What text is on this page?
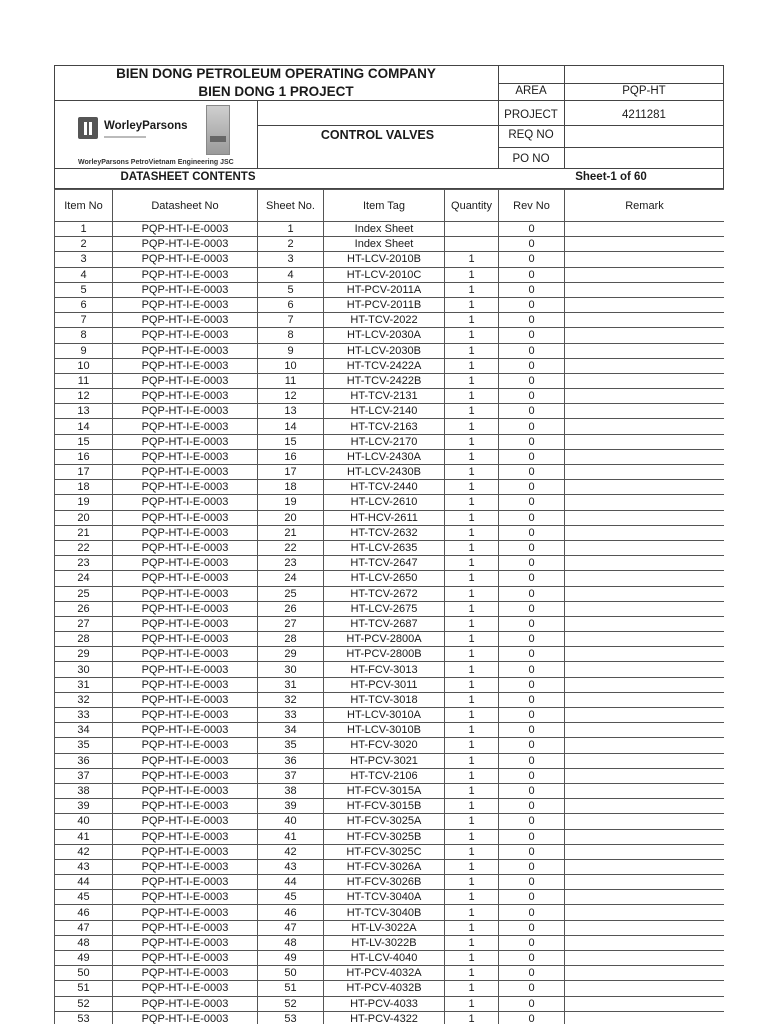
BIEN DONG PETROLEUM OPERATING COMPANY
BIEN DONG 1 PROJECT	AREA	PQP-HT
PROJECT	4211281
REQ NO
PO NO
CONTROL VALVES
WorleyParsons
WorleyParsons PetroVietnam Engineering JSC
DATASHEET CONTENTS	Sheet-1 of 60
Item No	Datasheet No	Sheet No.	Item Tag	Quantity	Rev No	Remark
1	PQP-HT-I-E-0003	1	Index Sheet		0	
2	PQP-HT-I-E-0003	2	Index Sheet		0	
3	PQP-HT-I-E-0003	3	HT-LCV-2010B	1	0	
4	PQP-HT-I-E-0003	4	HT-LCV-2010C	1	0	
5	PQP-HT-I-E-0003	5	HT-PCV-2011A	1	0	
6	PQP-HT-I-E-0003	6	HT-PCV-2011B	1	0	
7	PQP-HT-I-E-0003	7	HT-TCV-2022	1	0	
8	PQP-HT-I-E-0003	8	HT-LCV-2030A	1	0	
9	PQP-HT-I-E-0003	9	HT-LCV-2030B	1	0	
10	PQP-HT-I-E-0003	10	HT-TCV-2422A	1	0	
11	PQP-HT-I-E-0003	11	HT-TCV-2422B	1	0	
12	PQP-HT-I-E-0003	12	HT-TCV-2131	1	0	
13	PQP-HT-I-E-0003	13	HT-LCV-2140	1	0	
14	PQP-HT-I-E-0003	14	HT-TCV-2163	1	0	
15	PQP-HT-I-E-0003	15	HT-LCV-2170	1	0	
16	PQP-HT-I-E-0003	16	HT-LCV-2430A	1	0	
17	PQP-HT-I-E-0003	17	HT-LCV-2430B	1	0	
18	PQP-HT-I-E-0003	18	HT-TCV-2440	1	0	
19	PQP-HT-I-E-0003	19	HT-LCV-2610	1	0	
20	PQP-HT-I-E-0003	20	HT-HCV-2611	1	0	
21	PQP-HT-I-E-0003	21	HT-TCV-2632	1	0	
22	PQP-HT-I-E-0003	22	HT-LCV-2635	1	0	
23	PQP-HT-I-E-0003	23	HT-TCV-2647	1	0	
24	PQP-HT-I-E-0003	24	HT-LCV-2650	1	0	
25	PQP-HT-I-E-0003	25	HT-TCV-2672	1	0	
26	PQP-HT-I-E-0003	26	HT-LCV-2675	1	0	
27	PQP-HT-I-E-0003	27	HT-TCV-2687	1	0	
28	PQP-HT-I-E-0003	28	HT-PCV-2800A	1	0	
29	PQP-HT-I-E-0003	29	HT-PCV-2800B	1	0	
30	PQP-HT-I-E-0003	30	HT-FCV-3013	1	0	
31	PQP-HT-I-E-0003	31	HT-PCV-3011	1	0	
32	PQP-HT-I-E-0003	32	HT-TCV-3018	1	0	
33	PQP-HT-I-E-0003	33	HT-LCV-3010A	1	0	
34	PQP-HT-I-E-0003	34	HT-LCV-3010B	1	0	
35	PQP-HT-I-E-0003	35	HT-FCV-3020	1	0	
36	PQP-HT-I-E-0003	36	HT-PCV-3021	1	0	
37	PQP-HT-I-E-0003	37	HT-TCV-2106	1	0	
38	PQP-HT-I-E-0003	38	HT-FCV-3015A	1	0	
39	PQP-HT-I-E-0003	39	HT-FCV-3015B	1	0	
40	PQP-HT-I-E-0003	40	HT-FCV-3025A	1	0	
41	PQP-HT-I-E-0003	41	HT-FCV-3025B	1	0	
42	PQP-HT-I-E-0003	42	HT-FCV-3025C	1	0	
43	PQP-HT-I-E-0003	43	HT-FCV-3026A	1	0	
44	PQP-HT-I-E-0003	44	HT-FCV-3026B	1	0	
45	PQP-HT-I-E-0003	45	HT-TCV-3040A	1	0	
46	PQP-HT-I-E-0003	46	HT-TCV-3040B	1	0	
47	PQP-HT-I-E-0003	47	HT-LV-3022A	1	0	
48	PQP-HT-I-E-0003	48	HT-LV-3022B	1	0	
49	PQP-HT-I-E-0003	49	HT-LCV-4040	1	0	
50	PQP-HT-I-E-0003	50	HT-PCV-4032A	1	0	
51	PQP-HT-I-E-0003	51	HT-PCV-4032B	1	0	
52	PQP-HT-I-E-0003	52	HT-PCV-4033	1	0	
53	PQP-HT-I-E-0003	53	HT-PCV-4322	1	0	
